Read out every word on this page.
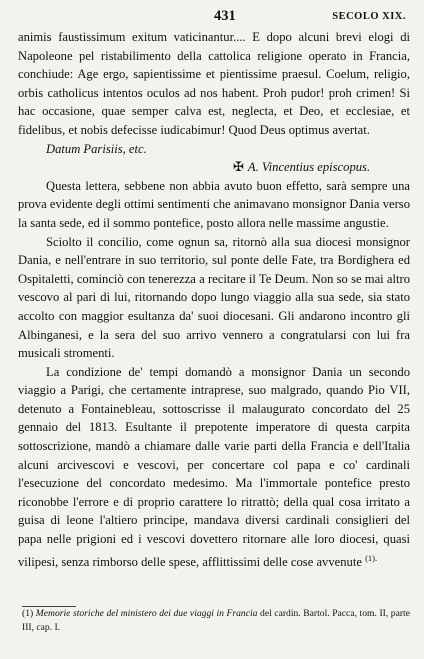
431	SECOLO XIX.

animis faustissimum exitum vaticinantur.... E dopo alcuni brevi elogi di Napoleone pel ristabilimento della cattolica religione operato in Francia, conchiude: Age ergo, sapientissime et pientissime praesul. Coelum, religio, orbis catholicus intentos oculos ad nos habent. Proh pudor! proh crimen! Si hac occasione, quae semper calva est, neglecta, et Deo, et ecclesiae, et fidelibus, et nobis defecisse iudicabimur! Quod Deus optimus avertat.

Datum Parisiis, etc.

✠ A. Vincentius episcopus.

Questa lettera, sebbene non abbia avuto buon effetto, sarà sempre una prova evidente degli ottimi sentimenti che animavano monsignor Dania verso la santa sede, ed il sommo pontefice, posto allora nelle massime angustie.

Sciolto il concilio, come ognun sa, ritornò alla sua diocesi monsignor Dania, e nell'entrare in suo territorio, sul ponte delle Fate, tra Bordighera ed Ospitaletti, cominciò con tenerezza a recitare il Te Deum. Non so se mai altro vescovo al pari di lui, ritornando dopo lungo viaggio alla sua sede, sia stato accolto con maggior esultanza da' suoi diocesani. Gli andarono incontro gli Albinganesi, e la sera del suo arrivo vennero a congratularsi con lui fra musicali stromenti.

La condizione de' tempi domandò a monsignor Dania un secondo viaggio a Parigi, che certamente intraprese, suo malgrado, quando Pio VII, detenuto a Fontainebleau, sottoscrisse il malaugurato concordato del 25 gennaio del 1813. Esultante il prepotente imperatore di questa carpita sottoscrizione, mandò a chiamare dalle varie parti della Francia e dell'Italia alcuni arcivescovi e vescovi, per concertare col papa e co' cardinali l'esecuzione del concordato medesimo. Ma l'immortale pontefice presto riconobbe l'errore e di proprio carattere lo ritrattò; della qual cosa irritato a guisa di leone l'altiero principe, mandava diversi cardinali consiglieri del papa nelle prigioni ed i vescovi dovettero ritornare alle loro diocesi, quasi vilipesi, senza rimborso delle spese, afflittissimi delle cose avvenute $^{(1).}$

(1) Memorie storiche del ministero dei due viaggi in Francia del cardin. Bartol. Pacca, tom. II, parte III, cap. I.
